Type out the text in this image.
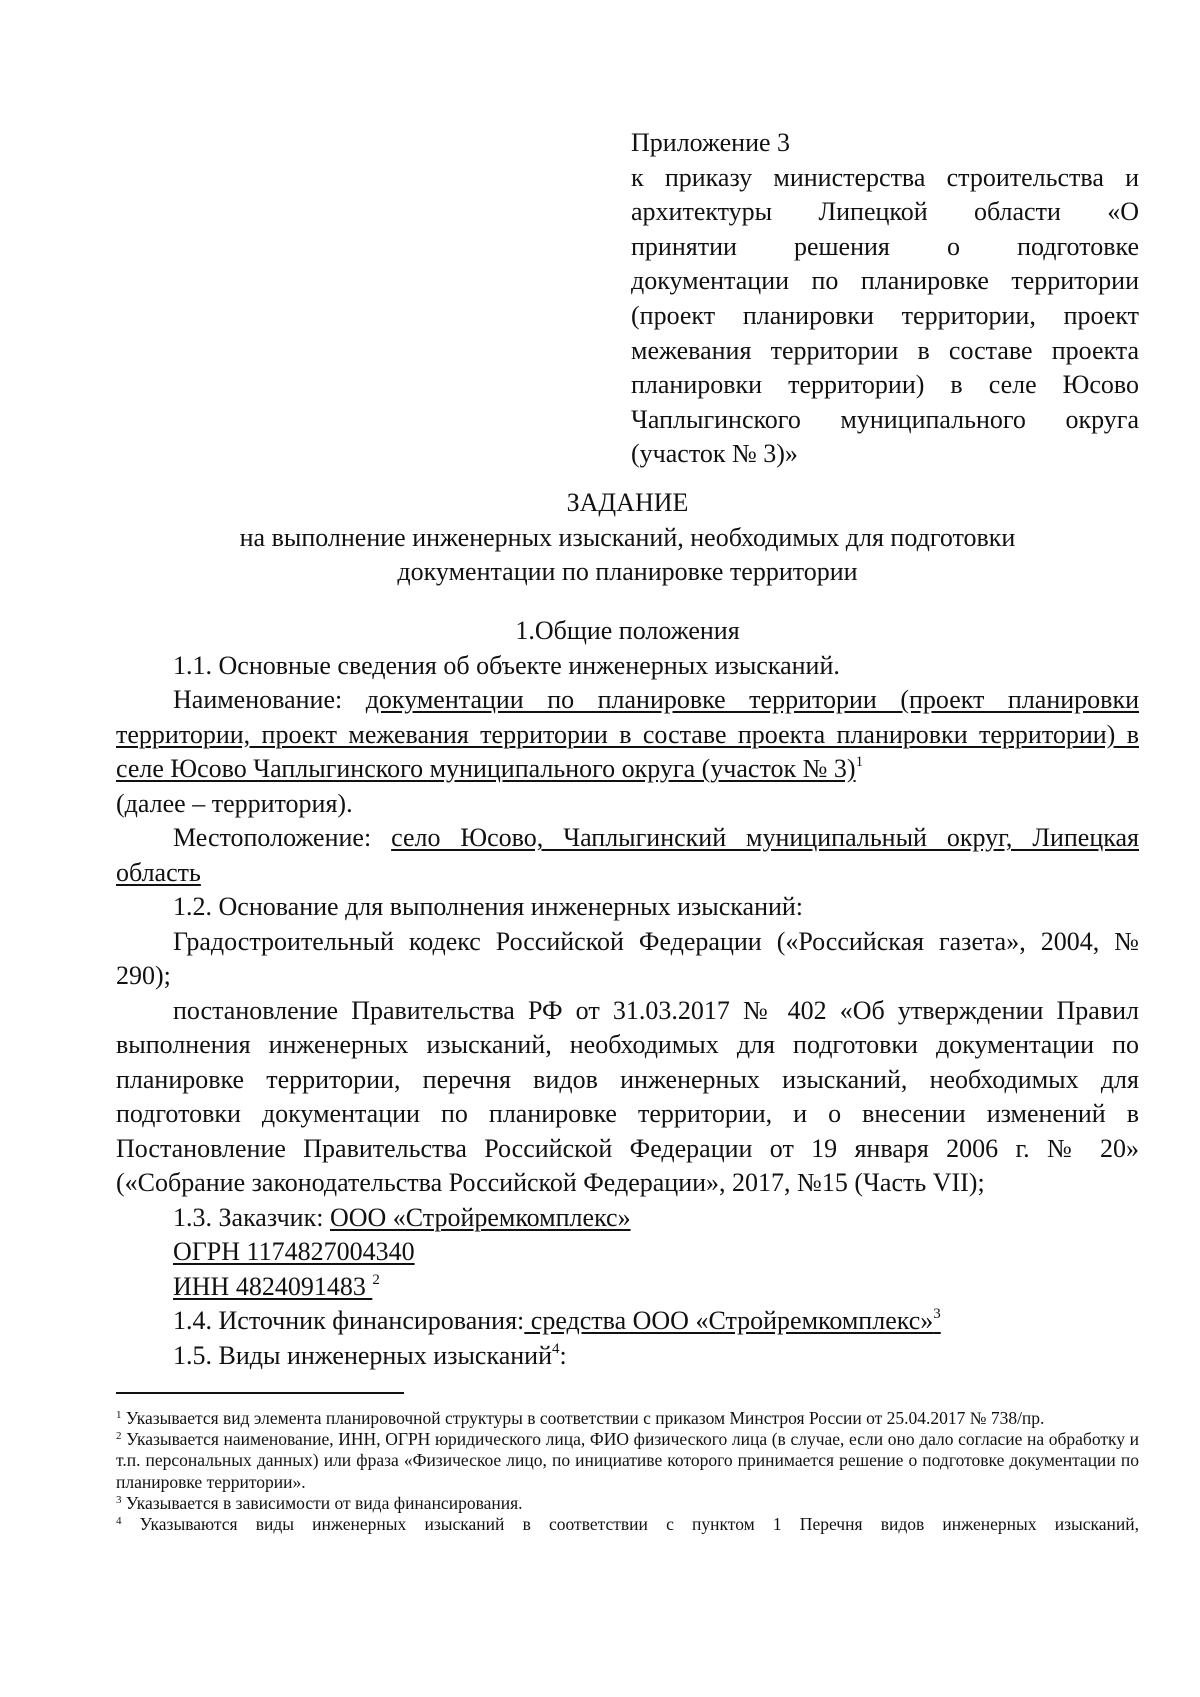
Приложение 3
к приказу министерства строительства и
архитектуры Липецкой области «О
принятии решения о подготовке
документации по планировке территории
(проект планировки территории, проект
межевания территории в составе проекта
планировки территории) в селе Юсово
Чаплыгинского муниципального округа
(участок № 3)»
ЗАДАНИЕ
на выполнение инженерных изысканий, необходимых для подготовки
документации по планировке территории
1.Общие положения
1.1. Основные сведения об объекте инженерных изысканий.
Наименование: документации по планировке территории (проект планировки территории, проект межевания территории в составе проекта планировки территории) в селе Юсово Чаплыгинского муниципального округа (участок № 3)$^1$
(далее – территория).
Местоположение: село Юсово, Чаплыгинский муниципальный округ, Липецкая область
1.2. Основание для выполнения инженерных изысканий:
Градостроительный кодекс Российской Федерации («Российская газета», 2004, № 290);
постановление Правительства РФ от 31.03.2017 № 402 «Об утверждении Правил выполнения инженерных изысканий, необходимых для подготовки документации по планировке территории, перечня видов инженерных изысканий, необходимых для подготовки документации по планировке территории, и о внесении изменений в Постановление Правительства Российской Федерации от 19 января 2006 г. № 20» («Собрание законодательства Российской Федерации», 2017, №15 (Часть VII);
1.3. Заказчик: ООО «Стройремкомплекс»
ОГРН 1174827004340
ИНН 4824091483 $^2$
1.4. Источник финансирования: средства ООО «Стройремкомплекс»$^3$
1.5. Виды инженерных изысканий$^4$:
$^1$ Указывается вид элемента планировочной структуры в соответствии с приказом Минстроя России от 25.04.2017 № 738/пр.
$^2$ Указывается наименование, ИНН, ОГРН юридического лица, ФИО физического лица (в случае, если оно дало согласие на обработку и т.п. персональных данных) или фраза «Физическое лицо, по инициативе которого принимается решение о подготовке документации по планировке территории».
$^3$ Указывается в зависимости от вида финансирования.
$^4$ Указываются виды инженерных изысканий в соответствии с пунктом 1 Перечня видов инженерных изысканий,
